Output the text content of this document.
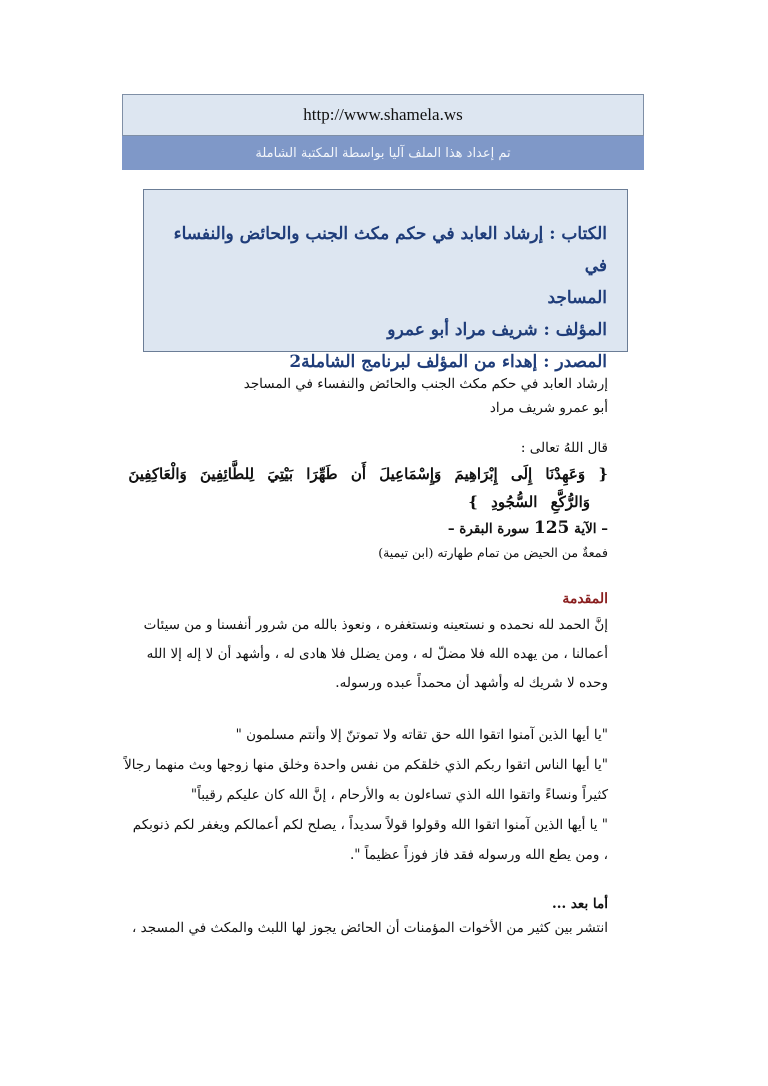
http://www.shamela.ws
تم إعداد هذا الملف آليا بواسطة المكتبة الشاملة

الكتاب : إرشاد العابد في حكم مكث الجنب والحائض والنفساء في

المساجد

المؤلف : شريف مراد أبو عمرو

المصدر : إهداء من المؤلف لبرنامج الشاملة2

إرشاد العابد في حكم مكث الجنب والحائض والنفساء في المساجد

أبو عمرو شريف مراد

قال اللهُ تعالى :

{ وَعَهِدْنَا إِلَى إِبْرَاهِيمَ وَإِسْمَاعِيلَ أَن طَهِّرَا بَيْتِيَ لِلطَّائِفِينَ وَالْعَاكِفِينَ

وَالرُّكَّعِ السُّجُودِ }

– الآية 125 سورة البقرة –

فمعةٌ من الحيض من تمام طهارته (ابن تيمية)

المقدمة

إنَّ الحمد لله نحمده و نستعينه ونستغفره ، ونعوذ بالله من شرور أنفسنا و من سيئات

أعمالنا ، من يهده الله فلا مضلّ له ، ومن يضلل فلا هادى له ، وأشهد أن لا إله إلا الله

وحده لا شريك له وأشهد أن محمداً عبده ورسوله.

"يا أيها الذين آمنوا اتقوا الله حق تقاته ولا تموتنّ إلا وأنتم مسلمون "

"يا أيها الناس اتقوا ربكم الذي خلقكم من نفس واحدة وخلق منها زوجها وبث منهما رجالاً

كثيراً ونساءً واتقوا الله الذي تساءلون به والأرحام ، إنَّ الله كان عليكم رقيباً"

" يا أيها الذين آمنوا اتقوا الله وقولوا قولاً سديداً ، يصلح لكم أعمالكم ويغفر لكم ذنوبكم

، ومن يطع الله ورسوله فقد فاز فوزاً عظيماً ".

أما بعد ...

انتشر بين كثير من الأخوات المؤمنات أن الحائض يجوز لها اللبث والمكث في المسجد ،
